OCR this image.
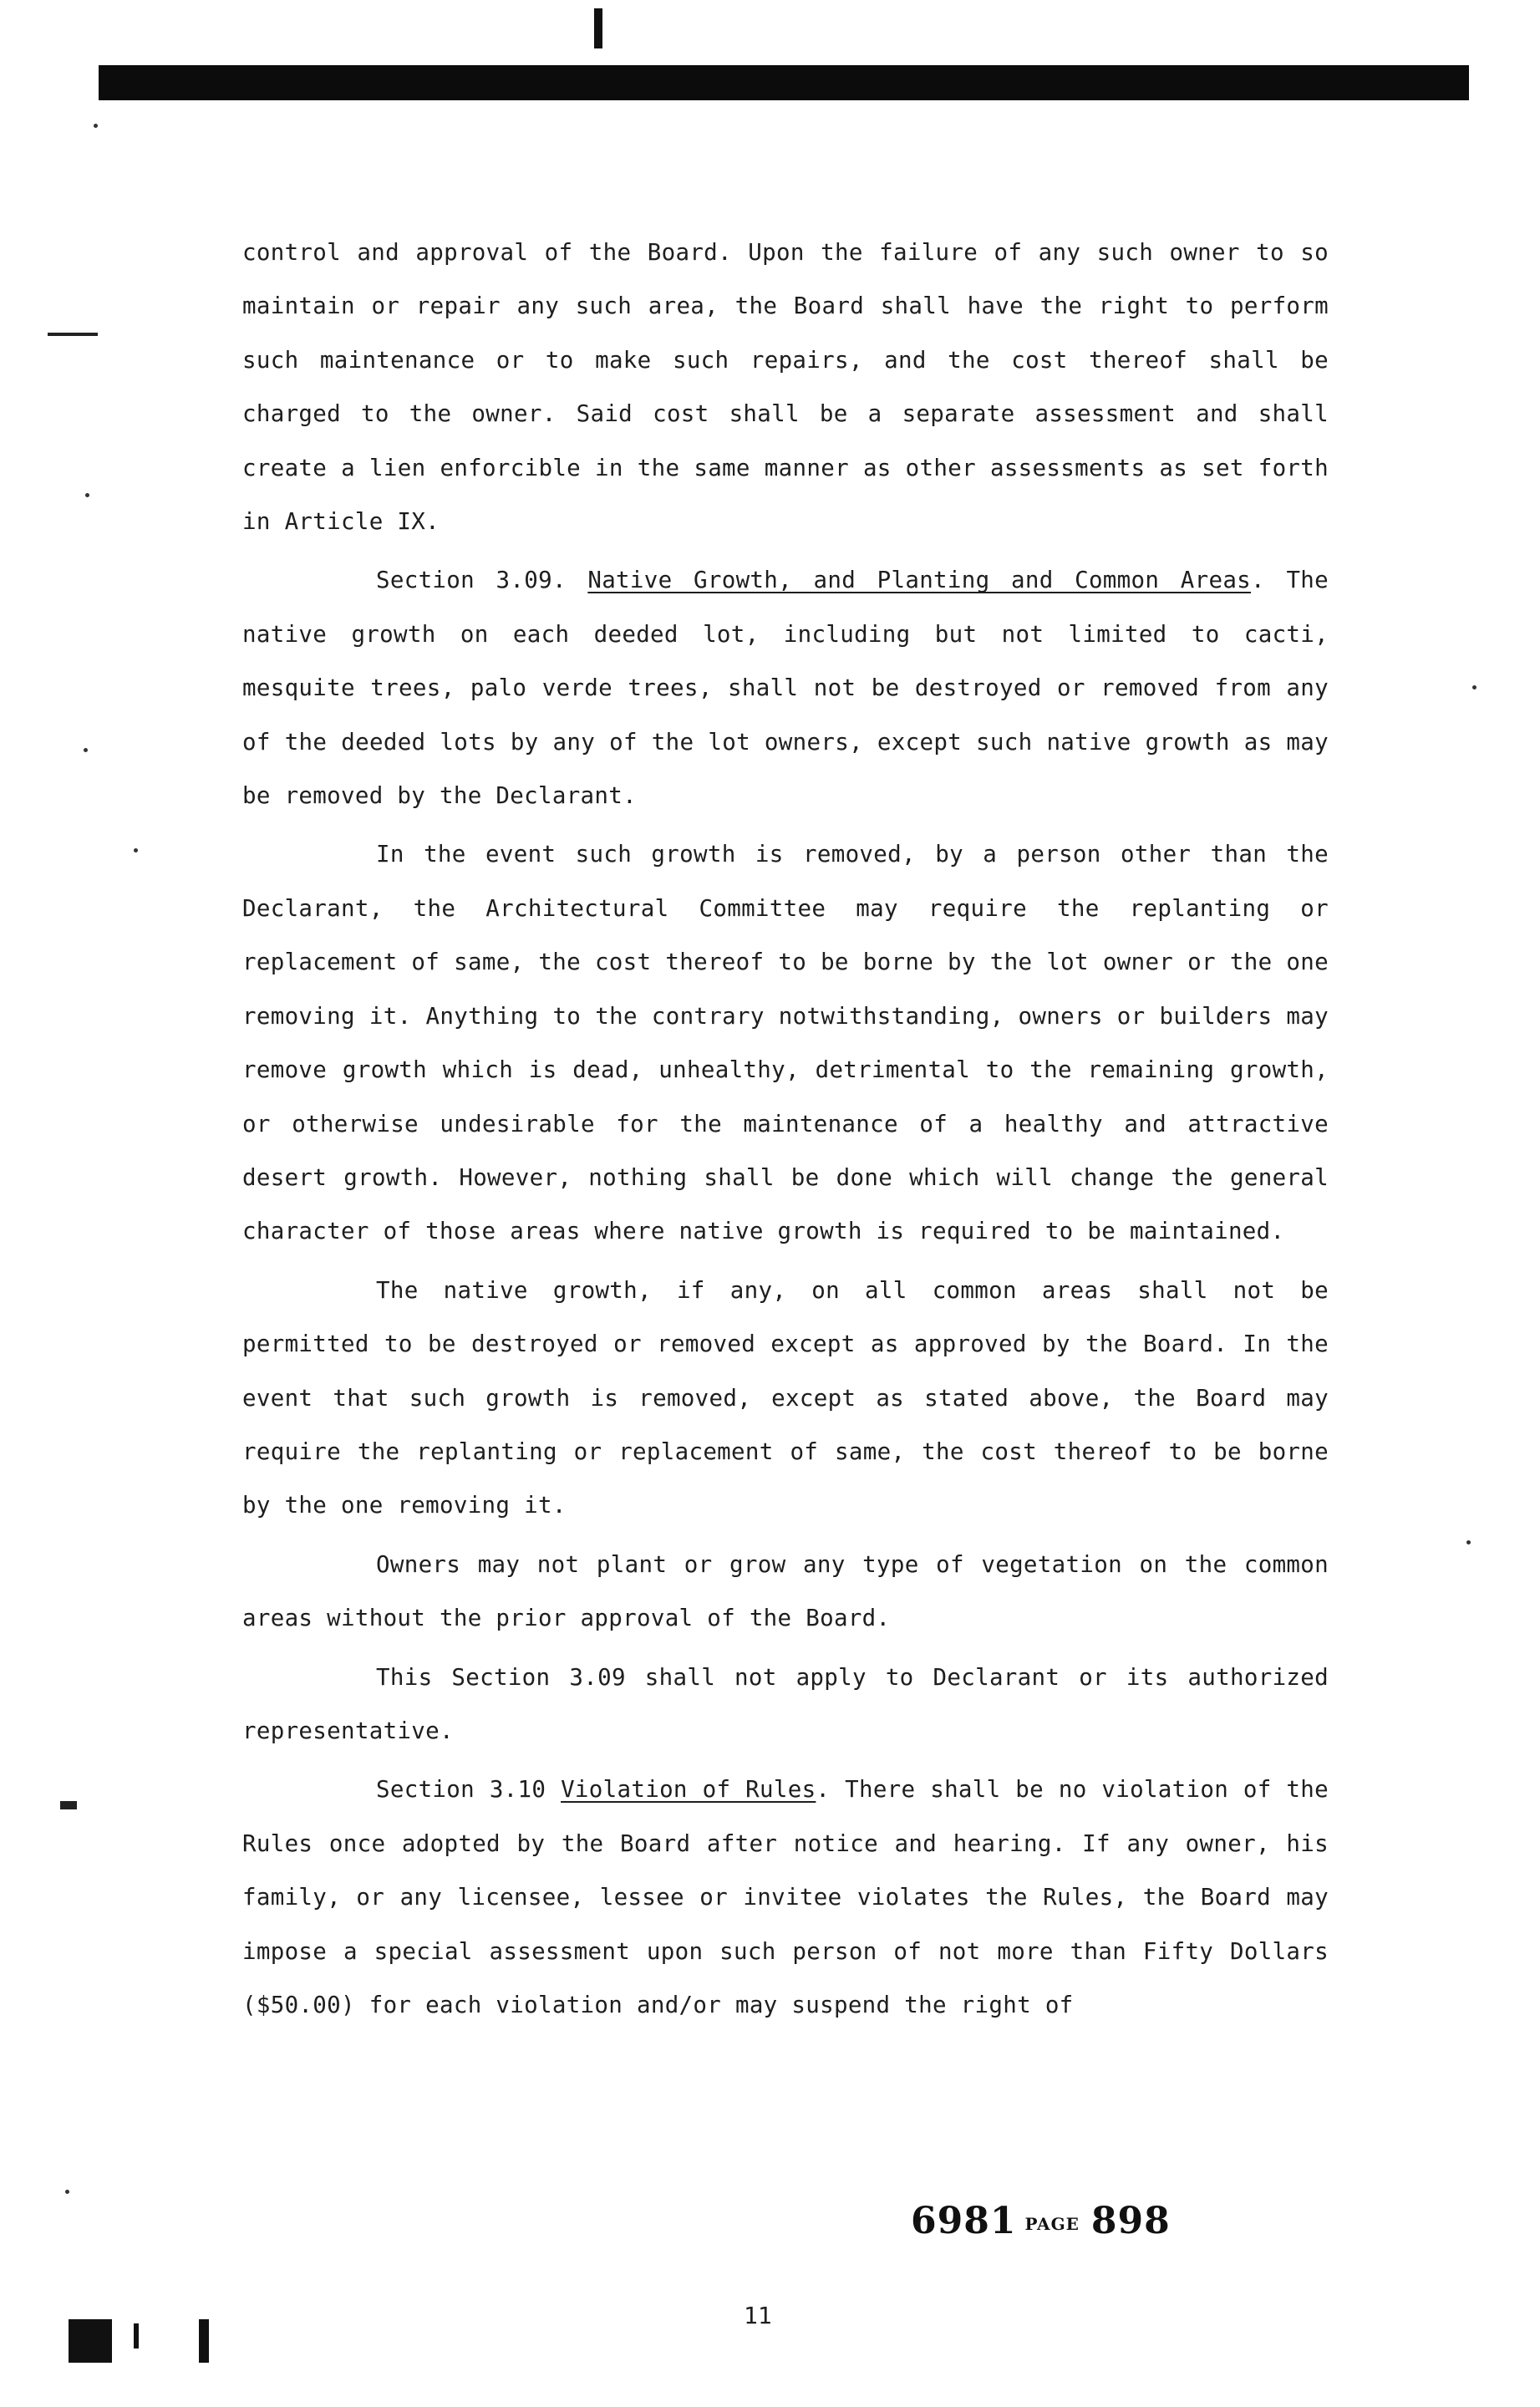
control and approval of the Board. Upon the failure of any such owner to so maintain or repair any such area, the Board shall have the right to perform such maintenance or to make such repairs, and the cost thereof shall be charged to the owner. Said cost shall be a separate assessment and shall create a lien enforcible in the same manner as other assessments as set forth in Article IX.

Section 3.09. Native Growth, and Planting and Common Areas. The native growth on each deeded lot, including but not limited to cacti, mesquite trees, palo verde trees, shall not be destroyed or removed from any of the deeded lots by any of the lot owners, except such native growth as may be removed by the Declarant.

In the event such growth is removed, by a person other than the Declarant, the Architectural Committee may require the replanting or replacement of same, the cost thereof to be borne by the lot owner or the one removing it. Anything to the contrary notwithstanding, owners or builders may remove growth which is dead, unhealthy, detrimental to the remaining growth, or otherwise undesirable for the maintenance of a healthy and attractive desert growth. However, nothing shall be done which will change the general character of those areas where native growth is required to be maintained.

The native growth, if any, on all common areas shall not be permitted to be destroyed or removed except as approved by the Board. In the event that such growth is removed, except as stated above, the Board may require the replanting or replacement of same, the cost thereof to be borne by the one removing it.

Owners may not plant or grow any type of vegetation on the common areas without the prior approval of the Board.

This Section 3.09 shall not apply to Declarant or its authorized representative.

Section 3.10 Violation of Rules. There shall be no violation of the Rules once adopted by the Board after notice and hearing. If any owner, his family, or any licensee, lessee or invitee violates the Rules, the Board may impose a special assessment upon such person of not more than Fifty Dollars ($50.00) for each violation and/or may suspend the right of

6981 PAGE 898
11
